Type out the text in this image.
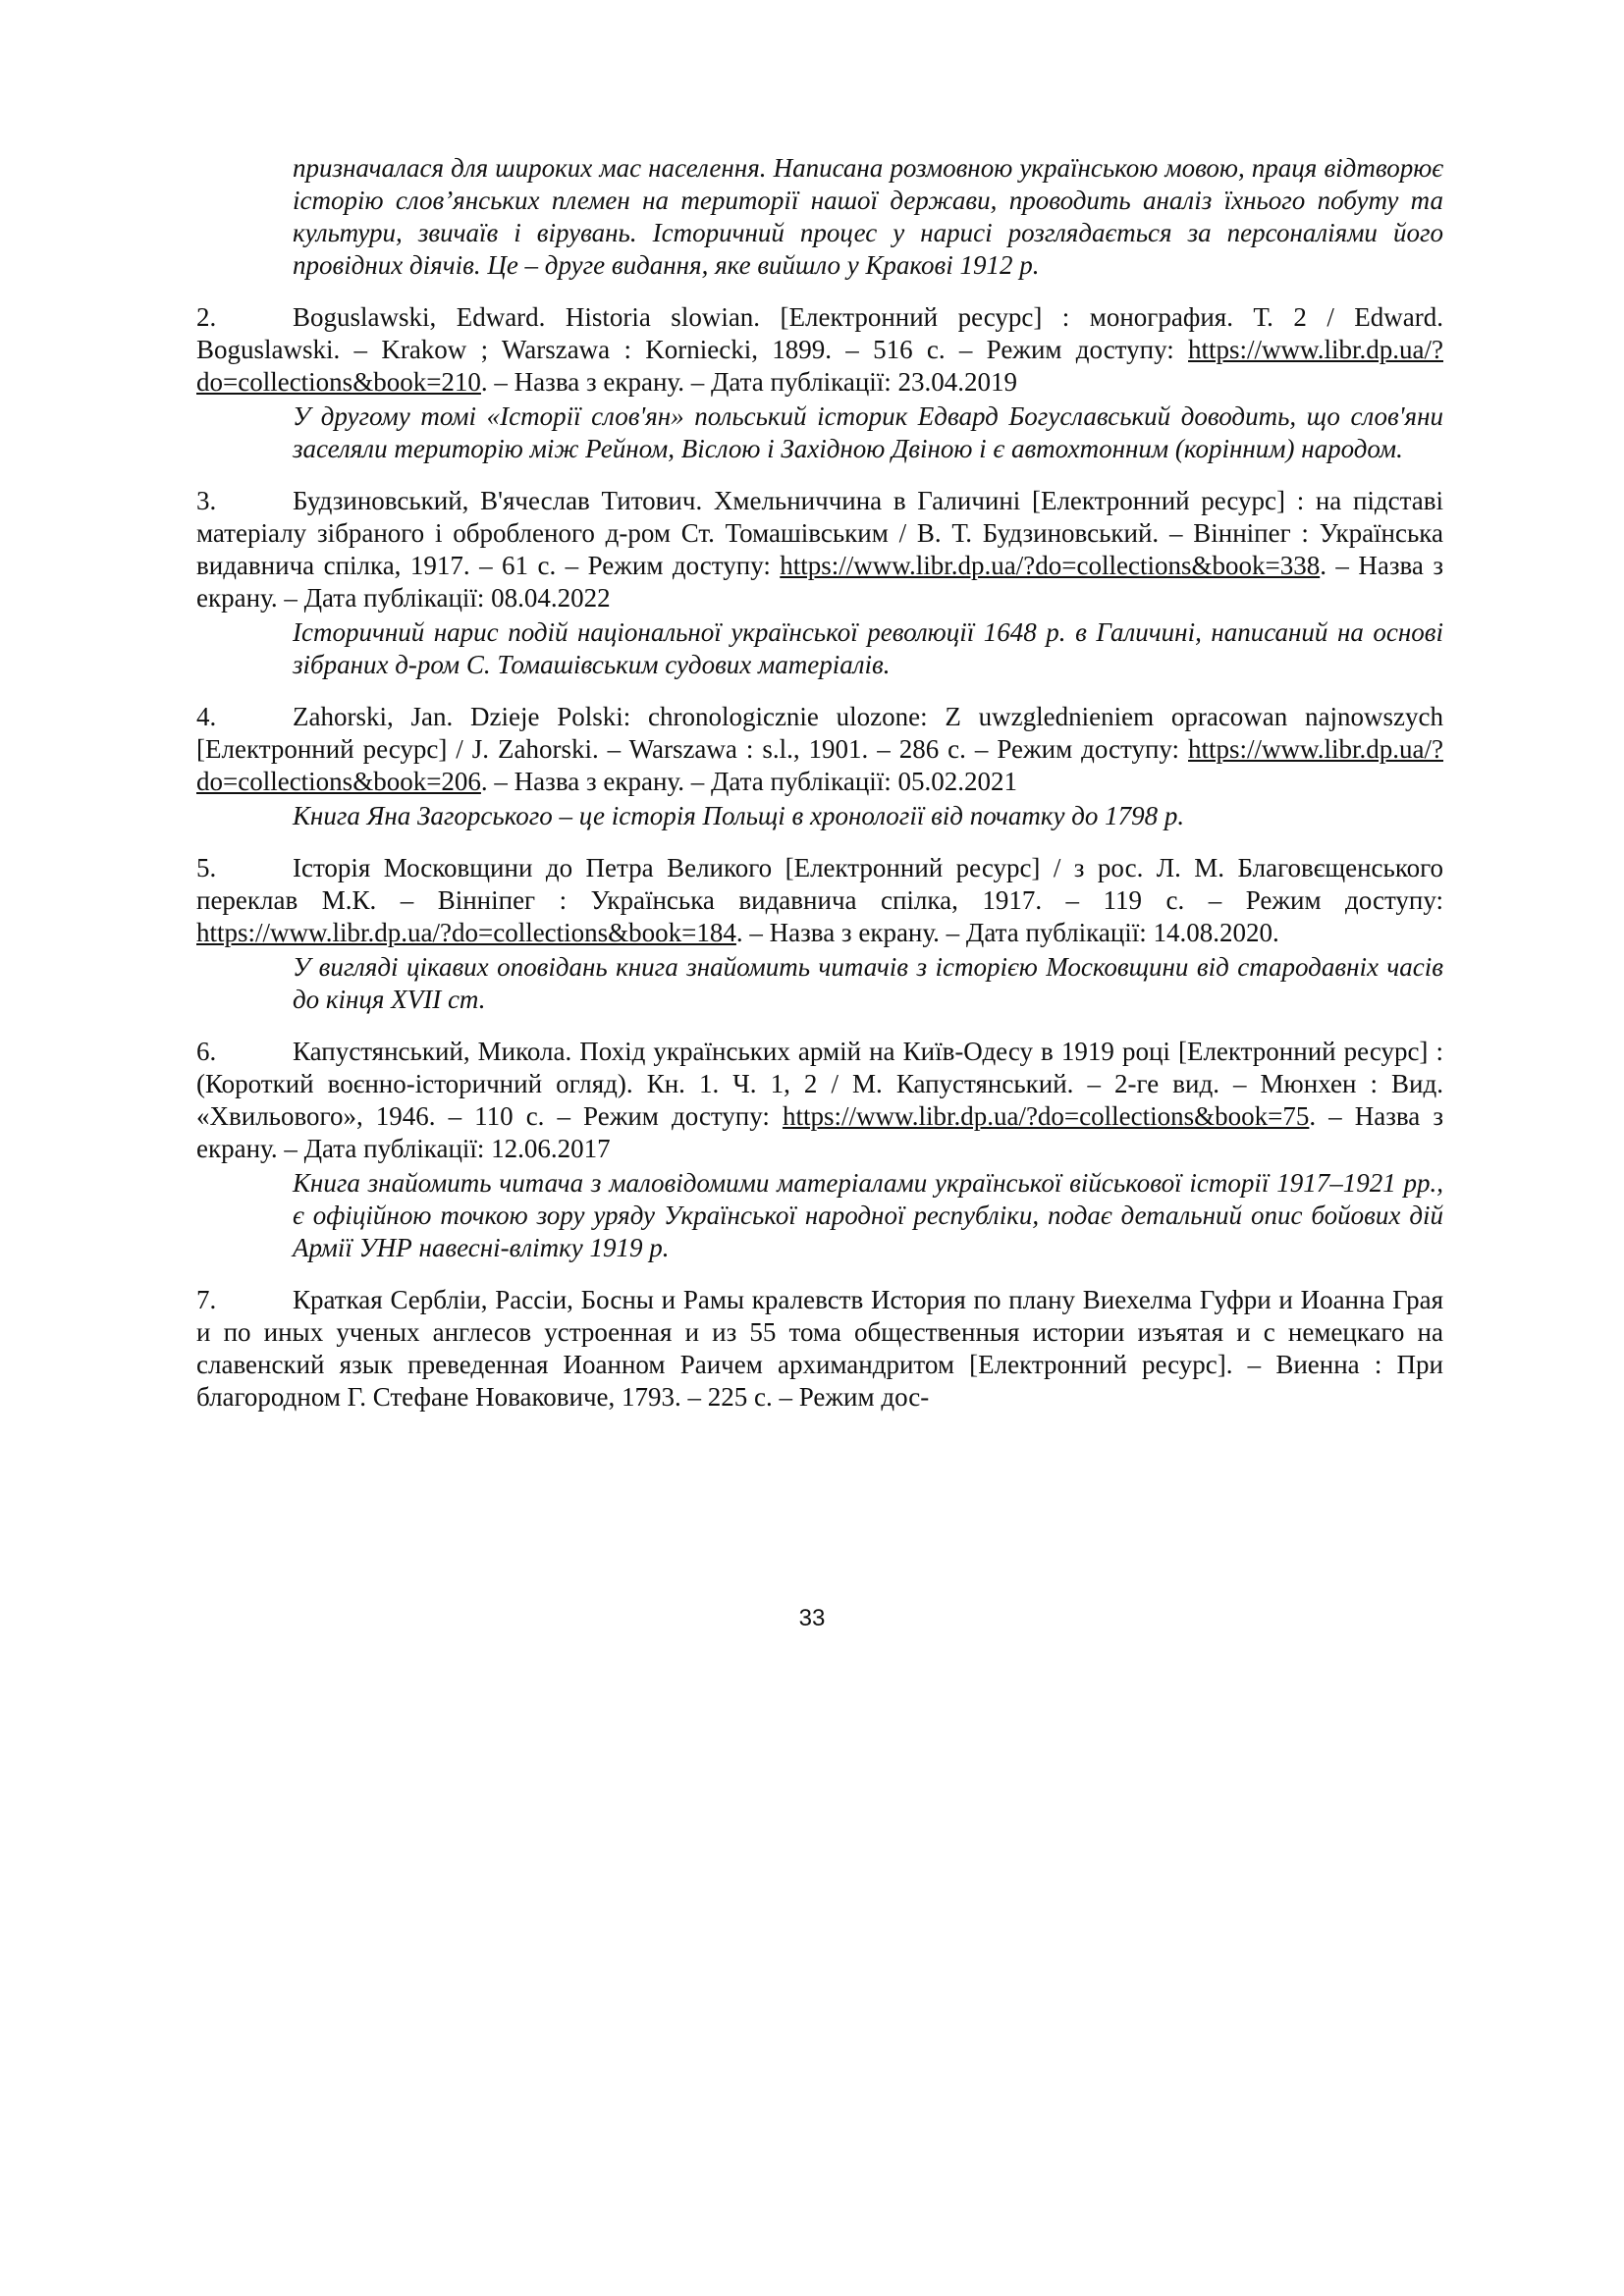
призначалася для широких мас населення. Написана розмовною українською мовою, праця відтворює історію слов’янських племен на території нашої держави, проводить аналіз їхнього побуту та культури, звичаїв і вірувань. Історичний процес у нарисі розглядається за персоналіями його провідних діячів. Це – друге видання, яке вийшло у Кракові 1912 р.
2.	Boguslawski, Edward. Historia slowian. [Електронний ресурс] : монография. Т. 2 / Edward. Boguslawski. – Krakow ; Warszawa : Korniecki, 1899. – 516 с. – Режим доступу: https://www.libr.dp.ua/?do=collections&book=210. – Назва з екрану. – Дата публікації: 23.04.2019
У другому томі «Історії слов'ян» польський історик Едвард Богуславський доводить, що слов'яни заселяли територію між Рейном, Віслою і Західною Двіною і є автохтонним (корінним) народом.
3.	Будзиновський, В'ячеслав Титович. Хмельниччина в Галичині [Електронний ресурс] : на підставі матеріалу зібраного і обробленого д-ром Ст. Томашівським / В. Т. Будзиновський. – Вінніпег : Українська видавнича спілка, 1917. – 61 с. – Режим доступу: https://www.libr.dp.ua/?do=collections&book=338. – Назва з екрану. – Дата публікації: 08.04.2022
Історичний нарис подій національної української революції 1648 р. в Галичині, написаний на основі зібраних д-ром С. Томашівським судових матеріалів.
4.	Zahorski, Jan. Dzieje Polski: chronologicznie ulozone: Z uwzglednieniem opracowan najnowszych [Електронний ресурс] / J. Zahorski. – Warszawa : s.l., 1901. – 286 с. – Режим доступу: https://www.libr.dp.ua/?do=collections&book=206. – Назва з екрану. – Дата публікації: 05.02.2021
Книга Яна Загорського – це історія Польщі в хронології від початку до 1798 р.
5.	Історія Московщини до Петра Великого [Електронний ресурс] / з рос. Л. М. Благовєщенського переклав М.К. – Вінніпег : Українська видавнича спілка, 1917. – 119 с. – Режим доступу: https://www.libr.dp.ua/?do=collections&book=184. – Назва з екрану. – Дата публікації: 14.08.2020.
У вигляді цікавих оповідань книга знайомить читачів з історією Московщини від стародавніх часів до кінця XVII ст.
6.	Капустянський, Микола. Похід українських армій на Київ-Одесу в 1919 році [Електронний ресурс] : (Короткий воєнно-історичний огляд). Кн. 1. Ч. 1, 2 / М. Капустянський. – 2-ге вид. – Мюнхен : Вид. «Хвильового», 1946. – 110 с. – Режим доступу: https://www.libr.dp.ua/?do=collections&book=75. – Назва з екрану. – Дата публікації: 12.06.2017
Книга знайомить читача з маловідомими матеріалами української військової історії 1917–1921 рр., є офіційною точкою зору уряду Української народної республіки, подає детальний опис бойових дій Армії УНР навесні-влітку 1919 р.
7.	Краткая Сербліи, Рассіи, Босны и Рамы кралевств История по плану Виехелма Гуфри и Иоанна Грая и по иных ученых англесов устроенная и из 55 тома общественныя истории изъятая и с немецкаго на славенский язык преведенная Иоанном Раичем архимандритом [Електронний ресурс]. – Виенна : При благородном Г. Стефане Новаковиче, 1793. – 225 с. – Режим дос-
33
